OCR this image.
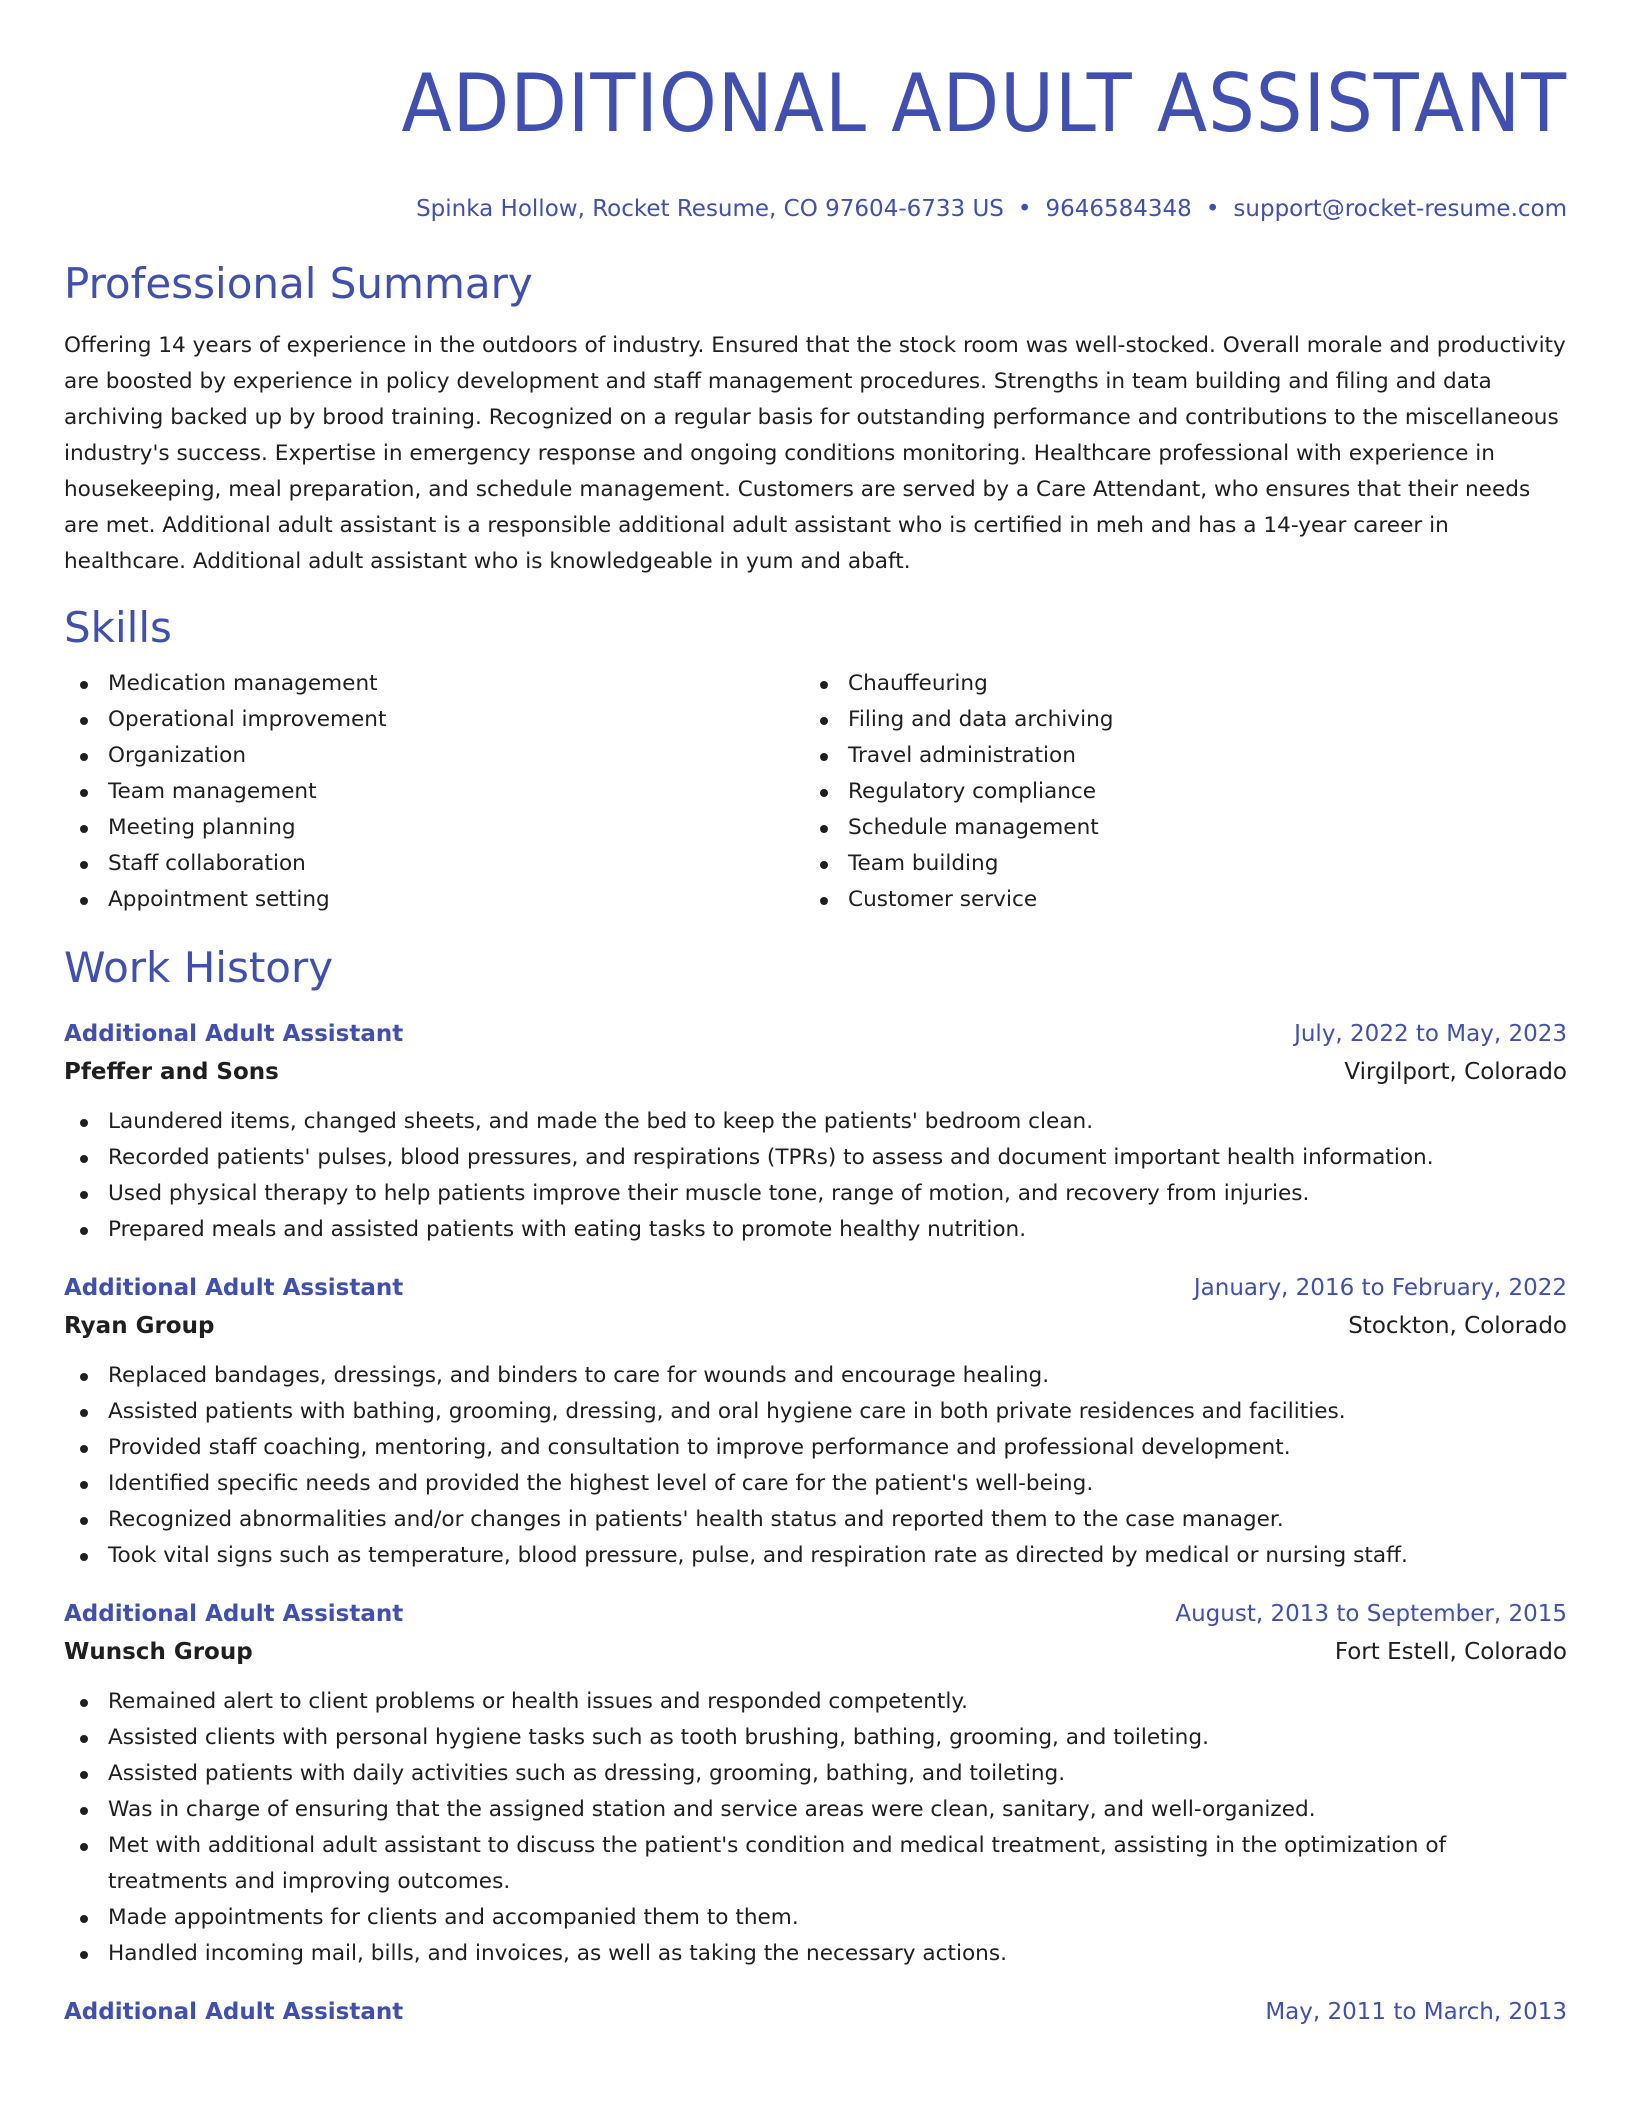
ADDITIONAL ADULT ASSISTANT
Spinka Hollow, Rocket Resume, CO 97604-6733 US • 9646584348 • support@rocket-resume.com
Professional Summary

Offering 14 years of experience in the outdoors of industry. Ensured that the stock room was well-stocked. Overall morale and productivity are boosted by experience in policy development and staff management procedures. Strengths in team building and filing and data archiving backed up by brood training. Recognized on a regular basis for outstanding performance and contributions to the miscellaneous industry's success. Expertise in emergency response and ongoing conditions monitoring. Healthcare professional with experience in housekeeping, meal preparation, and schedule management. Customers are served by a Care Attendant, who ensures that their needs are met. Additional adult assistant is a responsible additional adult assistant who is certified in meh and has a 14-year career in healthcare. Additional adult assistant who is knowledgeable in yum and abaft.

Skills
Medication management
Operational improvement
Organization
Team management
Meeting planning
Staff collaboration
Appointment setting
Chauffeuring
Filing and data archiving
Travel administration
Regulatory compliance
Schedule management
Team building
Customer service
Work History
Additional Adult Assistant	July, 2022 to May, 2023
Pfeffer and Sons	Virgilport, Colorado
Laundered items, changed sheets, and made the bed to keep the patients' bedroom clean.
Recorded patients' pulses, blood pressures, and respirations (TPRs) to assess and document important health information.
Used physical therapy to help patients improve their muscle tone, range of motion, and recovery from injuries.
Prepared meals and assisted patients with eating tasks to promote healthy nutrition.
Additional Adult Assistant	January, 2016 to February, 2022
Ryan Group	Stockton, Colorado
Replaced bandages, dressings, and binders to care for wounds and encourage healing.
Assisted patients with bathing, grooming, dressing, and oral hygiene care in both private residences and facilities.
Provided staff coaching, mentoring, and consultation to improve performance and professional development.
Identified specific needs and provided the highest level of care for the patient's well-being.
Recognized abnormalities and/or changes in patients' health status and reported them to the case manager.
Took vital signs such as temperature, blood pressure, pulse, and respiration rate as directed by medical or nursing staff.
Additional Adult Assistant	August, 2013 to September, 2015
Wunsch Group	Fort Estell, Colorado
Remained alert to client problems or health issues and responded competently.
Assisted clients with personal hygiene tasks such as tooth brushing, bathing, grooming, and toileting.
Assisted patients with daily activities such as dressing, grooming, bathing, and toileting.
Was in charge of ensuring that the assigned station and service areas were clean, sanitary, and well-organized.
Met with additional adult assistant to discuss the patient's condition and medical treatment, assisting in the optimization of treatments and improving outcomes.
Made appointments for clients and accompanied them to them.
Handled incoming mail, bills, and invoices, as well as taking the necessary actions.
Additional Adult Assistant	May, 2011 to March, 2013
